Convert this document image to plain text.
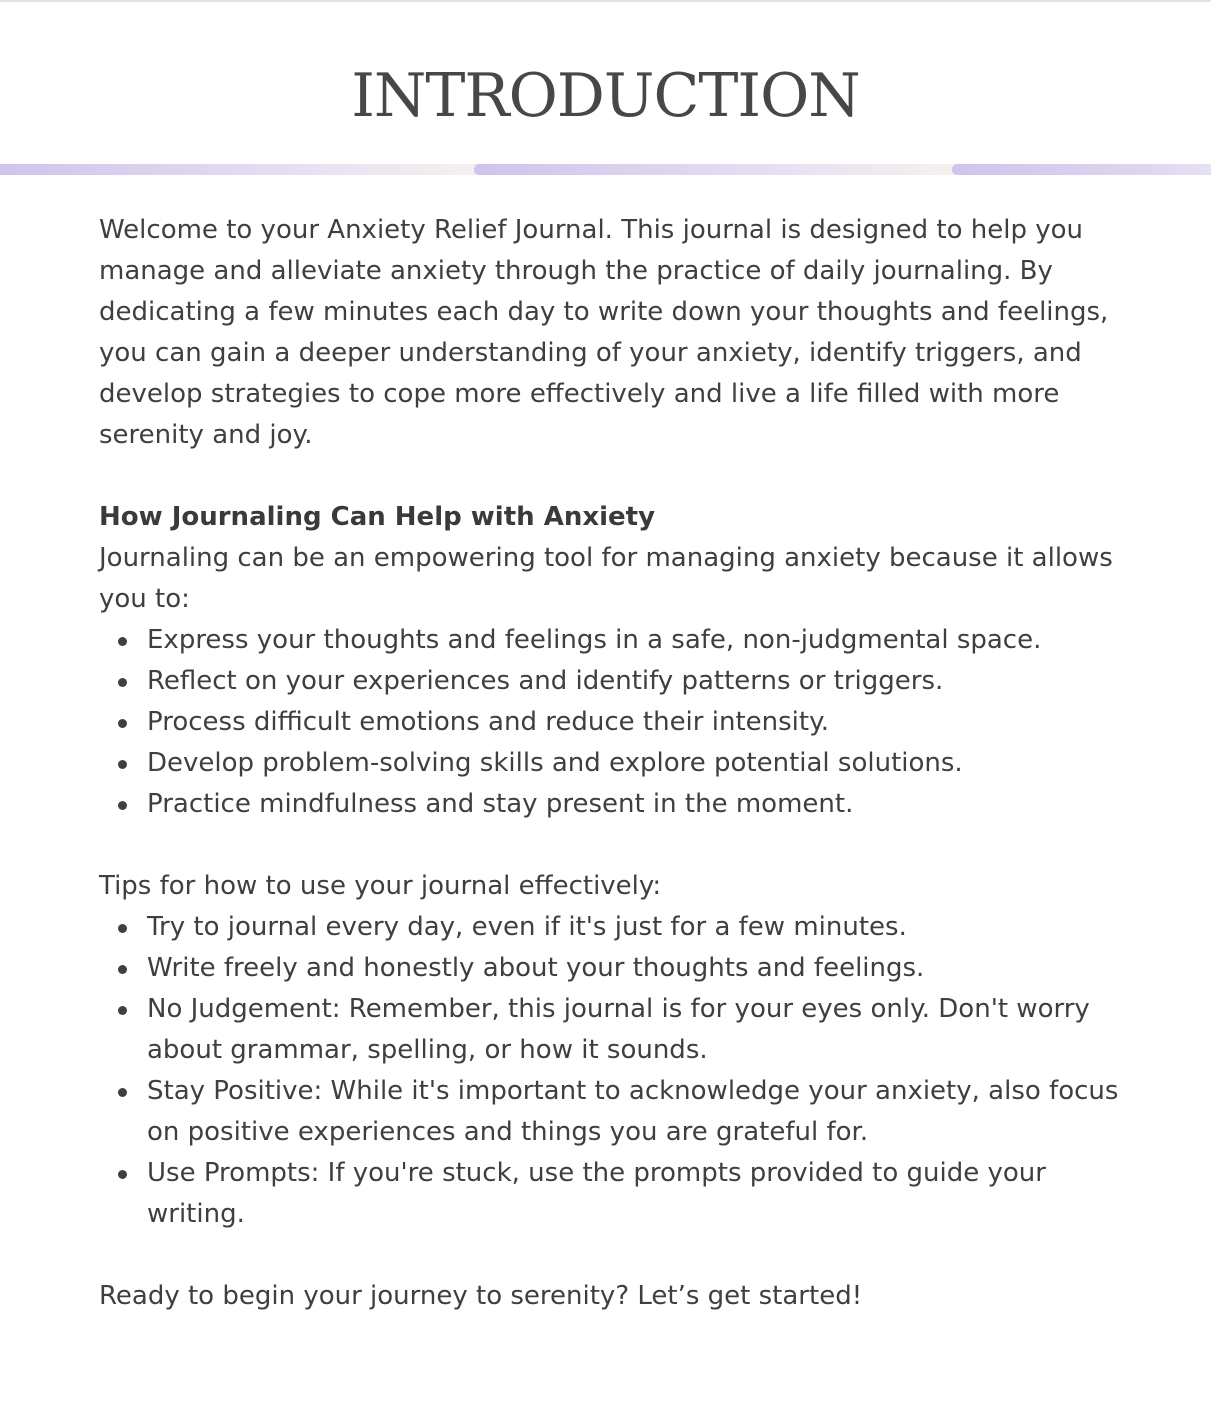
INTRODUCTION

Welcome to your Anxiety Relief Journal. This journal is designed to help you manage and alleviate anxiety through the practice of daily journaling. By dedicating a few minutes each day to write down your thoughts and feelings, you can gain a deeper understanding of your anxiety, identify triggers, and develop strategies to cope more effectively and live a life filled with more serenity and joy.

How Journaling Can Help with Anxiety

Journaling can be an empowering tool for managing anxiety because it allows you to:

Express your thoughts and feelings in a safe, non-judgmental space.
Reflect on your experiences and identify patterns or triggers.
Process difficult emotions and reduce their intensity.
Develop problem-solving skills and explore potential solutions.
Practice mindfulness and stay present in the moment.

Tips for how to use your journal effectively:

Try to journal every day, even if it's just for a few minutes.
Write freely and honestly about your thoughts and feelings.
No Judgement: Remember, this journal is for your eyes only. Don't worry about grammar, spelling, or how it sounds.
Stay Positive: While it's important to acknowledge your anxiety, also focus on positive experiences and things you are grateful for.
Use Prompts: If you're stuck, use the prompts provided to guide your writing.

Ready to begin your journey to serenity? Let’s get started!
